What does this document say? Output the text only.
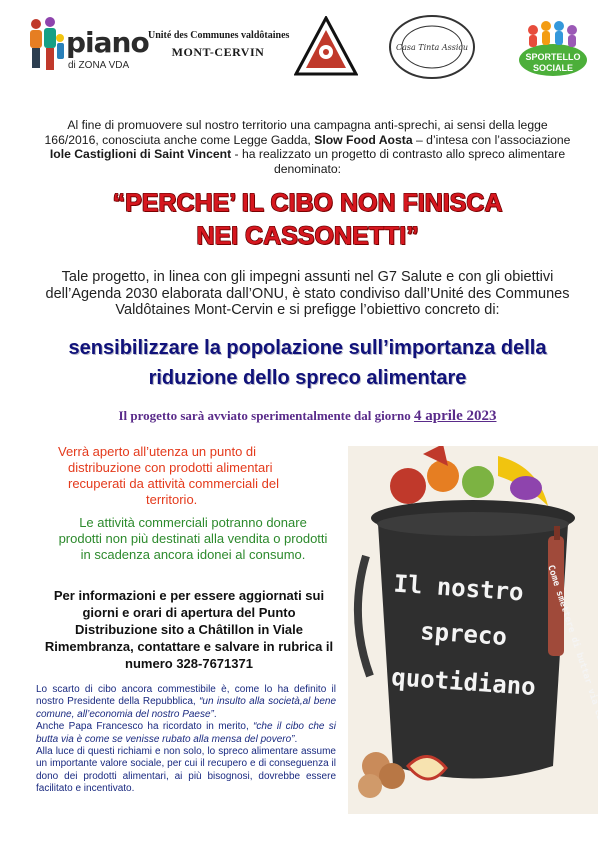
piano
di ZONA VDA
Unité des Communes valdôtaines
MONT-CERVIN	Casa Tinta Assicu
SPORTELLO
SOCIALE
Al fine di promuovere sul nostro territorio una campagna anti-sprechi, ai sensi della legge 166/2016, conosciuta anche come Legge Gadda, Slow Food Aosta – d’intesa con l’associazione Iole Castiglioni di Saint Vincent - ha realizzato un progetto di contrasto allo spreco alimentare denominato:
“PERCHE’ IL CIBO NON FINISCA
NEI CASSONETTI”
Tale progetto, in linea con gli impegni assunti nel G7 Salute e con gli obiettivi dell’Agenda 2030 elaborata dall’ONU, è stato condiviso dall’Unité des Communes Valdôtaines Mont-Cervin e si prefigge l’obiettivo concreto di:
sensibilizzare la popolazione sull’importanza della
riduzione dello spreco alimentare
Il progetto sarà avviato sperimentalmente dal giorno 4 aprile 2023
Verrà aperto all’utenza un punto di
distribuzione con prodotti alimentari
recuperati da attività commerciali del
territorio.
Le attività commerciali potranno donare prodotti non più destinati alla vendita o prodotti in scadenza ancora idonei al consumo.
Per informazioni e per essere aggiornati sui giorni e orari di apertura del Punto Distribuzione sito a Châtillon in Viale Rimembranza, contattare e salvare in rubrica il numero 328-7671371
Lo scarto di cibo ancora commestibile è, come lo ha definito il nostro Presidente della Repubblica, “un insulto alla società,al bene comune, all’economia del nostro Paese”.
Anche Papa Francesco ha ricordato in merito, “che il cibo che si butta via è come se venisse rubato alla mensa del povero”.
Alla luce di questi richiami e non solo, lo spreco alimentare assume un importante valore sociale, per cui il recupero e di conseguenza il dono dei prodotti alimentari, ai più bisognosi, dovrebbe essere facilitato e incentivato.
Il nostro
spreco
quotidiano
